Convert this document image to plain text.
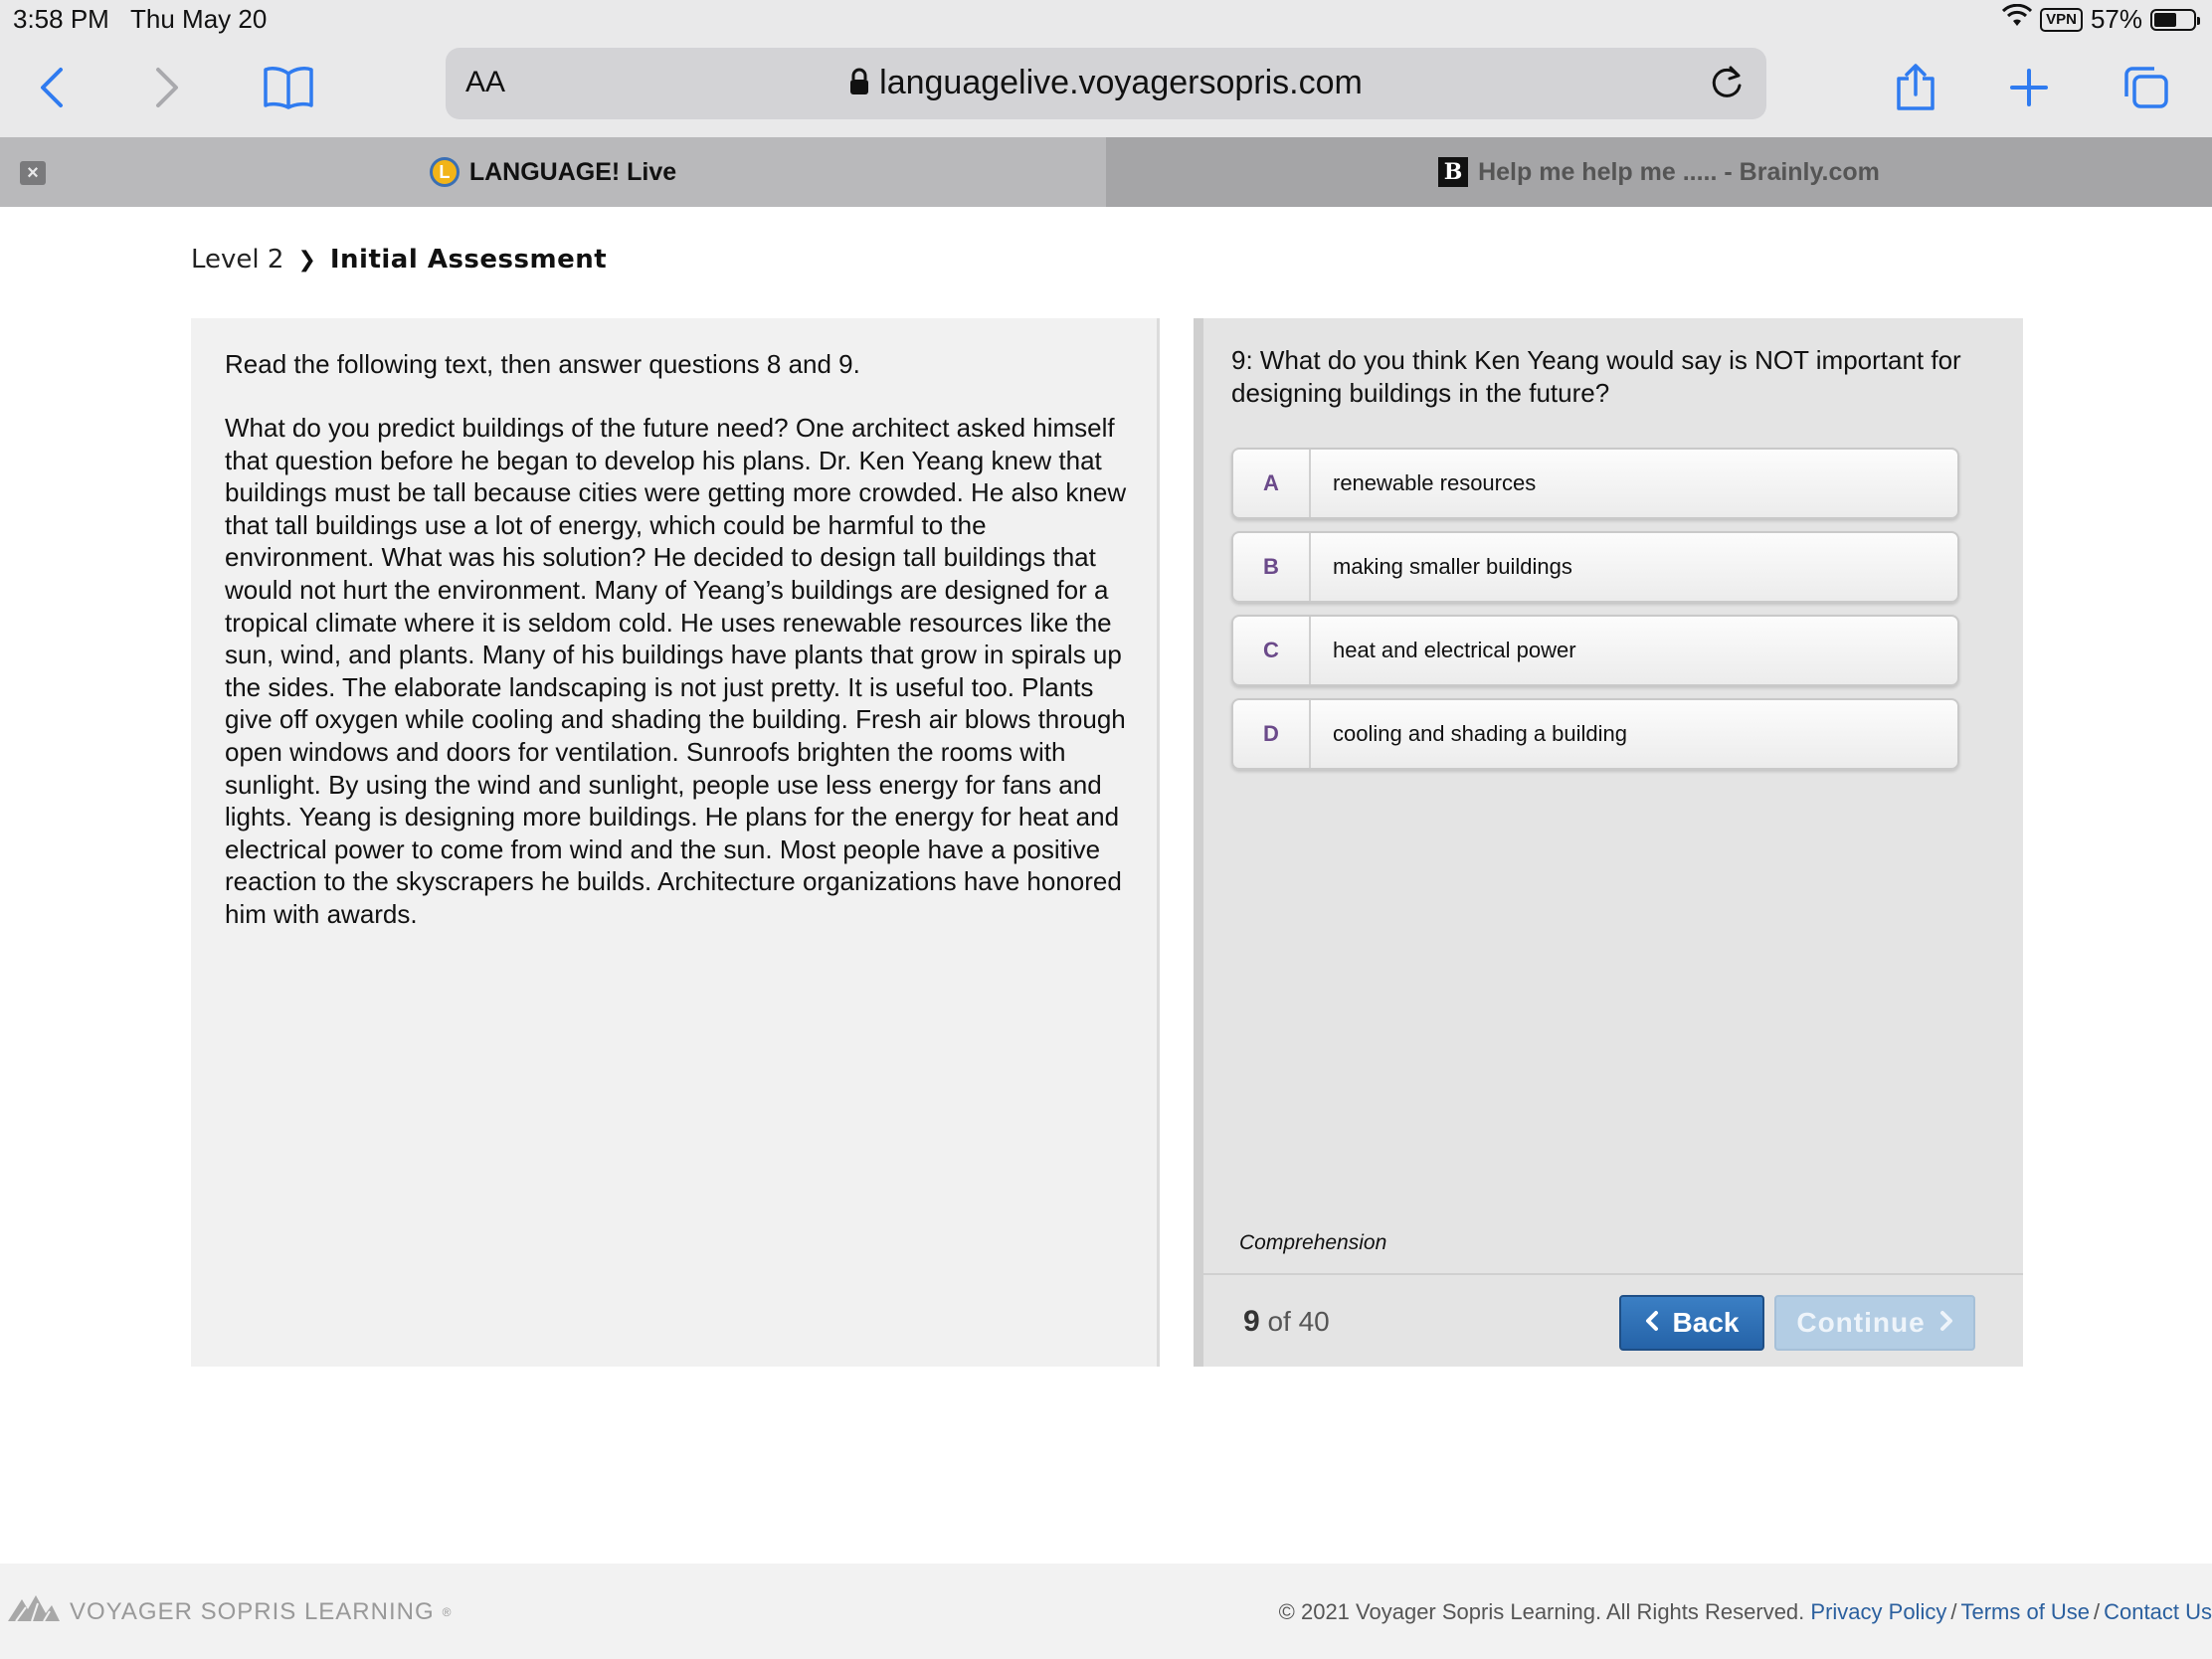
3:58 PM Thu May 20	VPN 57%
AA	languagelive.voyagersopris.com
L LANGUAGE! Live
×	B Help me help me ..... - Brainly.com
Level 2 ❯ Initial Assessment

Read the following text, then answer questions 8 and 9.

What do you predict buildings of the future need? One architect asked himself that question before he began to develop his plans. Dr. Ken Yeang knew that buildings must be tall because cities were getting more crowded. He also knew that tall buildings use a lot of energy, which could be harmful to the environment. What was his solution? He decided to design tall buildings that would not hurt the environment. Many of Yeang’s buildings are designed for a tropical climate where it is seldom cold. He uses renewable resources like the sun, wind, and plants. Many of his buildings have plants that grow in spirals up the sides. The elaborate landscaping is not just pretty. It is useful too. Plants give off oxygen while cooling and shading the building. Fresh air blows through open windows and doors for ventilation. Sunroofs brighten the rooms with sunlight. By using the wind and sunlight, people use less energy for fans and lights. Yeang is designing more buildings. He plans for the energy for heat and electrical power to come from wind and the sun. Most people have a positive reaction to the skyscrapers he builds. Architecture organizations have honored him with awards.

9: What do you think Ken Yeang would say is NOT important for designing buildings in the future?

A	renewable resources
B	making smaller buildings
C	heat and electrical power
D	cooling and shading a building
Comprehension
9 of 40	Back Continue
VOYAGER SOPRIS LEARNING ®	© 2021 Voyager Sopris Learning. All Rights Reserved. Privacy Policy / Terms of Use / Contact Us
